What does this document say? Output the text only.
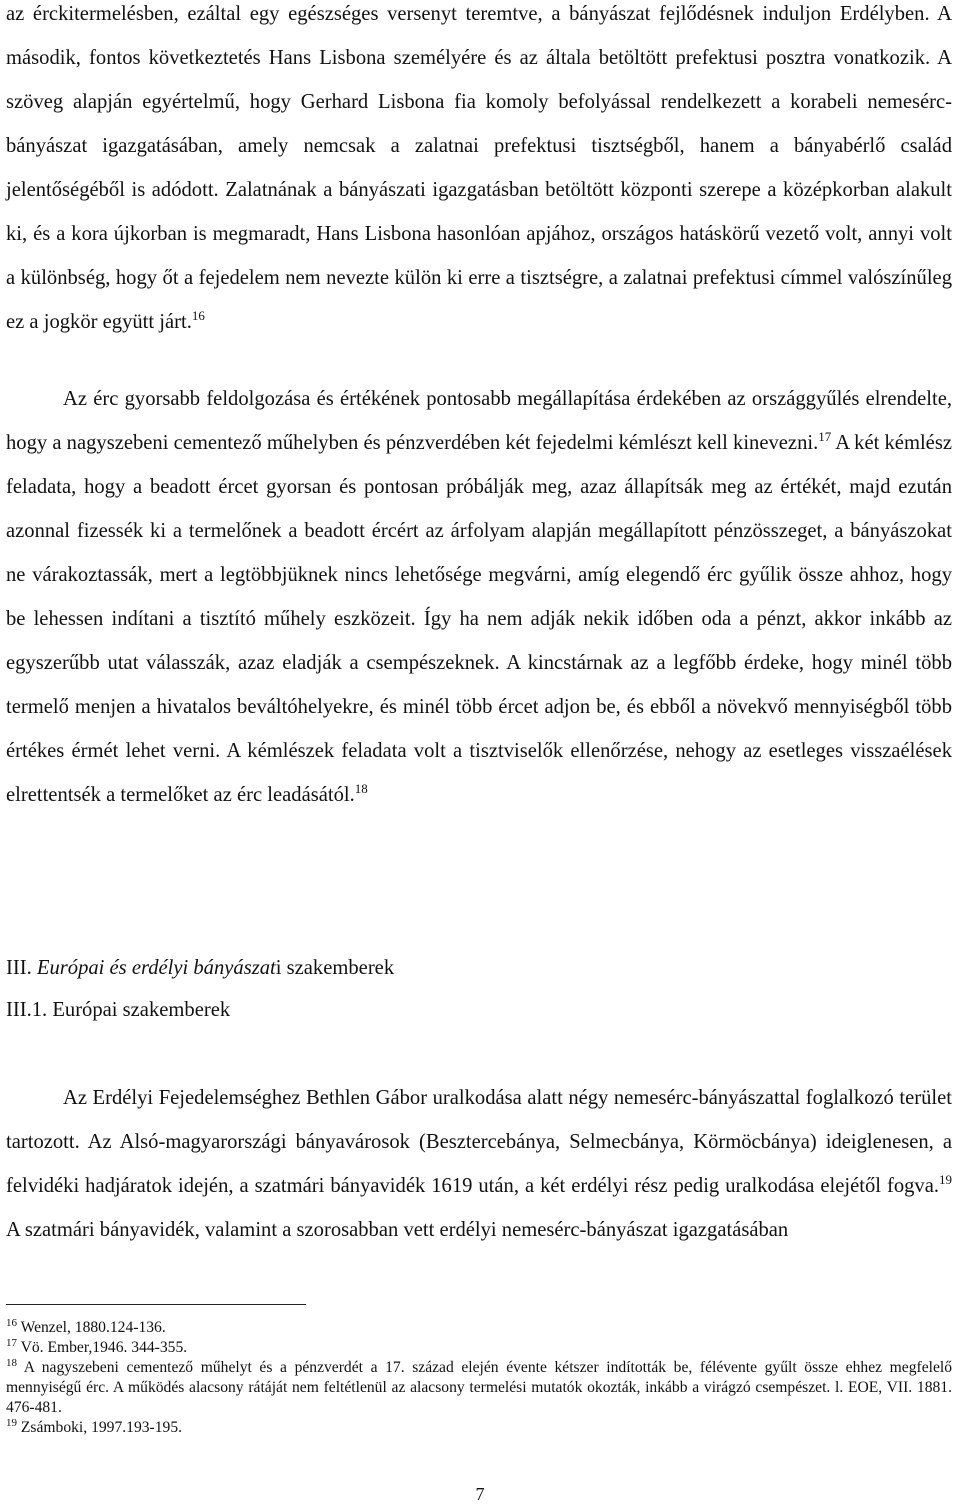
az érckitermelésben, ezáltal egy egészséges versenyt teremtve, a bányászat fejlődésnek induljon Erdélyben. A második, fontos következtetés Hans Lisbona személyére és az általa betöltött prefektusi posztra vonatkozik. A szöveg alapján egyértelmű, hogy Gerhard Lisbona fia komoly befolyással rendelkezett a korabeli nemesérc-bányászat igazgatásában, amely nemcsak a zalatnai prefektusi tisztségből, hanem a bányabérlő család jelentőségéből is adódott. Zalatnának a bányászati igazgatásban betöltött központi szerepe a középkorban alakult ki, és a kora újkorban is megmaradt, Hans Lisbona hasonlóan apjához, országos hatáskörű vezető volt, annyi volt a különbség, hogy őt a fejedelem nem nevezte külön ki erre a tisztségre, a zalatnai prefektusi címmel valószínűleg ez a jogkör együtt járt.$^{16}$

Az érc gyorsabb feldolgozása és értékének pontosabb megállapítása érdekében az országgyűlés elrendelte, hogy a nagyszebeni cementező műhelyben és pénzverdében két fejedelmi kémlészt kell kinevezni.$^{17}$ A két kémlész feladata, hogy a beadott ércet gyorsan és pontosan próbálják meg, azaz állapítsák meg az értékét, majd ezután azonnal fizessék ki a termelőnek a beadott ércért az árfolyam alapján megállapított pénzösszeget, a bányászokat ne várakoztassák, mert a legtöbbjüknek nincs lehetősége megvárni, amíg elegendő érc gyűlik össze ahhoz, hogy be lehessen indítani a tisztító műhely eszközeit. Így ha nem adják nekik időben oda a pénzt, akkor inkább az egyszerűbb utat válasszák, azaz eladják a csempészeknek. A kincstárnak az a legfőbb érdeke, hogy minél több termelő menjen a hivatalos beváltóhelyekre, és minél több ércet adjon be, és ebből a növekvő mennyiségből több értékes érmét lehet verni. A kémlészek feladata volt a tisztviselők ellenőrzése, nehogy az esetleges visszaélések elrettentsék a termelőket az érc leadásától.$^{18}$

III. Európai és erdélyi bányászati szakemberek

III.1. Európai szakemberek

Az Erdélyi Fejedelemséghez Bethlen Gábor uralkodása alatt négy nemesérc-bányászattal foglalkozó terület tartozott. Az Alsó-magyarországi bányavárosok (Besztercebánya, Selmecbánya, Körmöcbánya) ideiglenesen, a felvidéki hadjáratok idején, a szatmári bányavidék 1619 után, a két erdélyi rész pedig uralkodása elejétől fogva.$^{19}$ A szatmári bányavidék, valamint a szorosabban vett erdélyi nemesérc-bányászat igazgatásában

$^{16}$ Wenzel, 1880.124-136.

$^{17}$ Vö. Ember,1946. 344-355.

$^{18}$ A nagyszebeni cementező műhelyt és a pénzverdét a 17. század elején évente kétszer indították be, félévente gyűlt össze ehhez megfelelő mennyiségű érc. A működés alacsony rátáját nem feltétlenül az alacsony termelési mutatók okozták, inkább a virágzó csempészet. l. EOE, VII. 1881. 476-481.

$^{19}$ Zsámboki, 1997.193-195.

7
